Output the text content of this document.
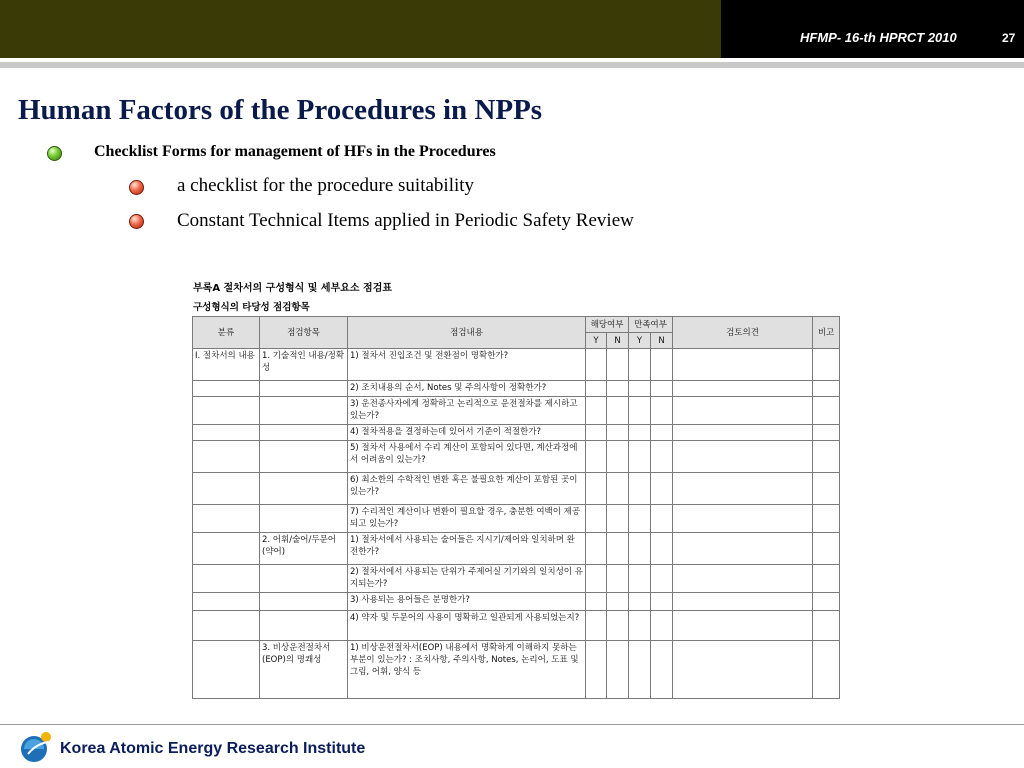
HFMP- 16-th HPRCT 2010	27
Human Factors of the Procedures in NPPs
Checklist Forms for management of HFs in the Procedures
a checklist for the procedure suitability
Constant Technical Items applied in Periodic Safety Review
부록A 절차서의 구성형식 및 세부요소 점검표
구성형식의 타당성 점검항목
분류	점검항목	점검내용	해당여부		만족여부		검토의견	비고
			Y	N	Y	N		
I. 절차서의 내용	1. 기술적인 내용/정확성	1) 절차서 진입조건 및 전환점이 명확한가?						
		2) 조치내용의 순서, Notes 및 주의사항이 정확한가?						
		3) 운전종사자에게 정확하고 논리적으로 운전절차를 제시하고 있는가?						
		4) 절차적용을 결정하는데 있어서 기준이 적절한가?						
		5) 절차서 사용에서 수리 계산이 포함되어 있다면, 계산과정에서 어려움이 있는가?						
		6) 최소한의 수학적인 변환 혹은 불필요한 계산이 포함된 곳이 있는가?						
		7) 수리적인 계산이나 변환이 필요할 경우, 충분한 여백이 제공되고 있는가?						
	2. 어휘/술어/두문어(약어)	1) 절차서에서 사용되는 술어들은 지시기/제어와 일치하며 완전한가?						
		2) 절차서에서 사용되는 단위가 주제어실 기기와의 일치성이 유지되는가?						
		3) 사용되는 용어들은 분명한가?						
		4) 약자 및 두문어의 사용이 명확하고 일관되게 사용되었는지?						
	3. 비상운전절차서(EOP)의 명쾌성	1) 비상운전절차서(EOP) 내용에서 명확하게 이해하지 못하는 부분이 있는가? : 조치사항, 주의사항, Notes, 논리어, 도표 및 그림, 어휘, 양식 등						
Korea Atomic Energy Research Institute
